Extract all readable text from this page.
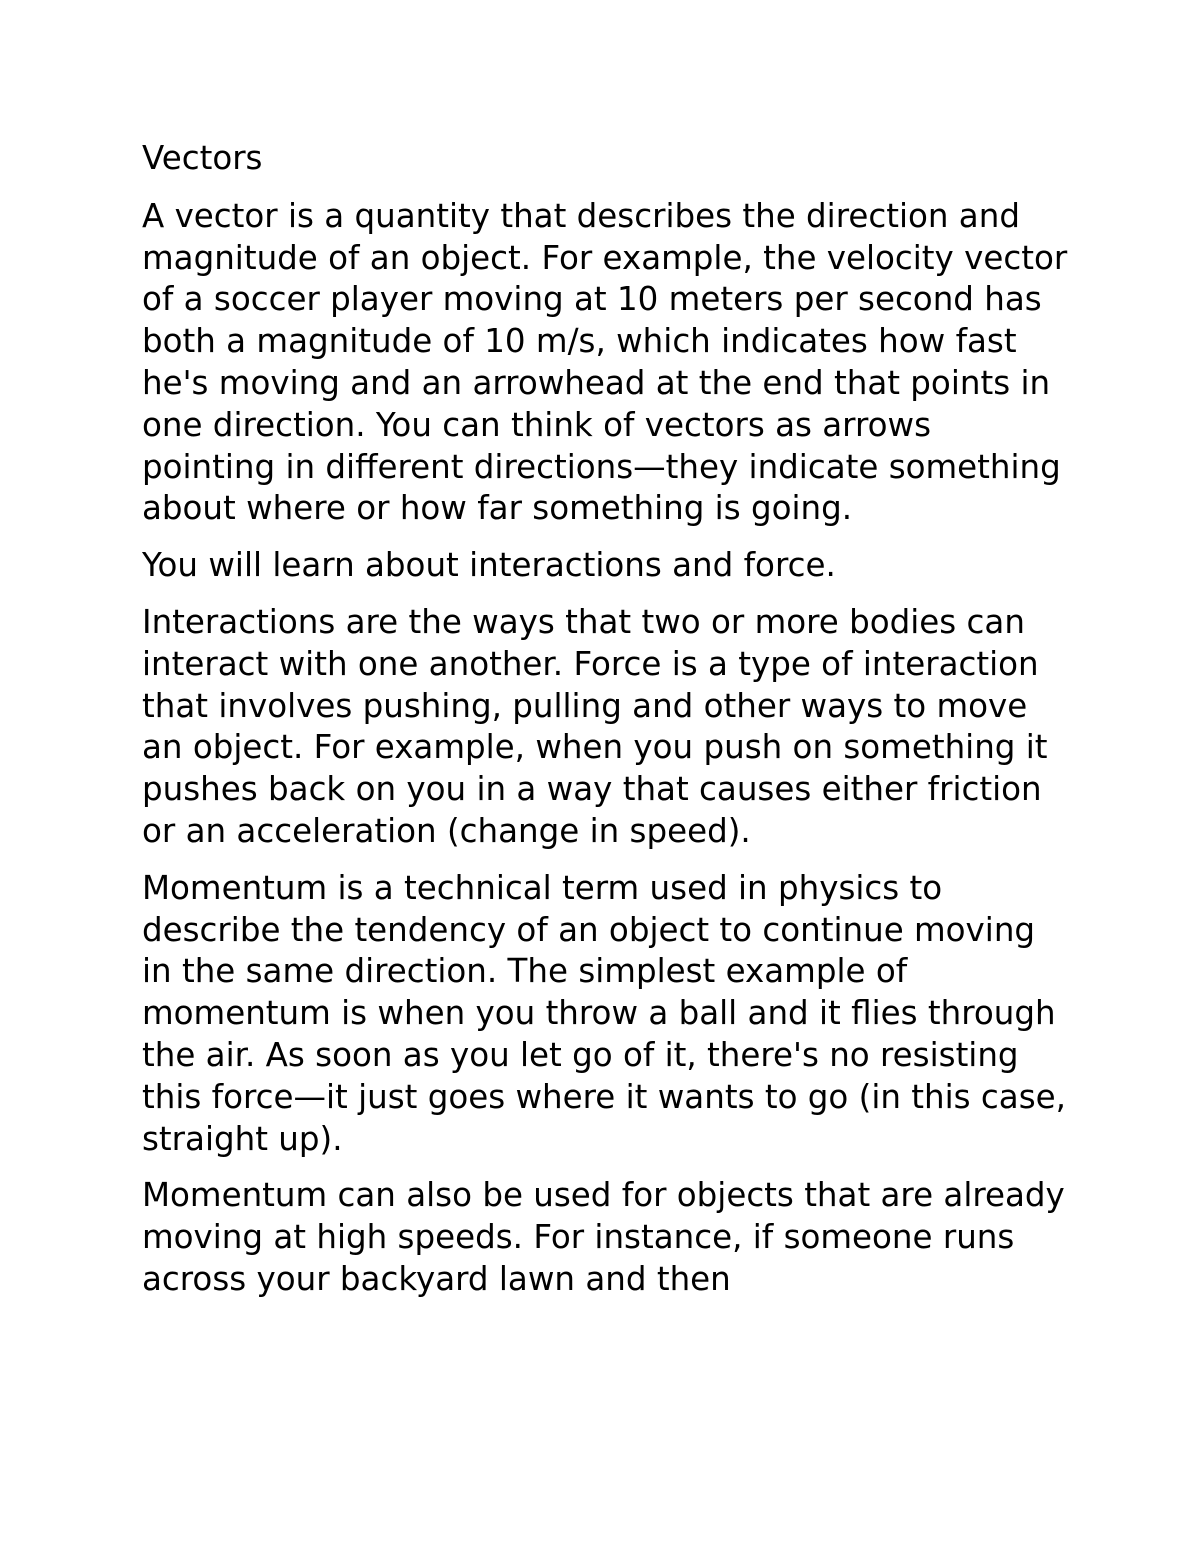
Vectors

A vector is a quantity that describes the direction and magnitude of an object. For example, the velocity vector of a soccer player moving at 10 meters per second has both a magnitude of 10 m/s, which indicates how fast he's moving and an arrowhead at the end that points in one direction. You can think of vectors as arrows pointing in different directions—they indicate something about where or how far something is going.

You will learn about interactions and force.

Interactions are the ways that two or more bodies can interact with one another. Force is a type of interaction that involves pushing, pulling and other ways to move an object. For example, when you push on something it pushes back on you in a way that causes either friction or an acceleration (change in speed).

Momentum is a technical term used in physics to describe the tendency of an object to continue moving in the same direction. The simplest example of momentum is when you throw a ball and it flies through the air. As soon as you let go of it, there's no resisting this force—it just goes where it wants to go (in this case, straight up).

Momentum can also be used for objects that are already moving at high speeds. For instance, if someone runs across your backyard lawn and then
